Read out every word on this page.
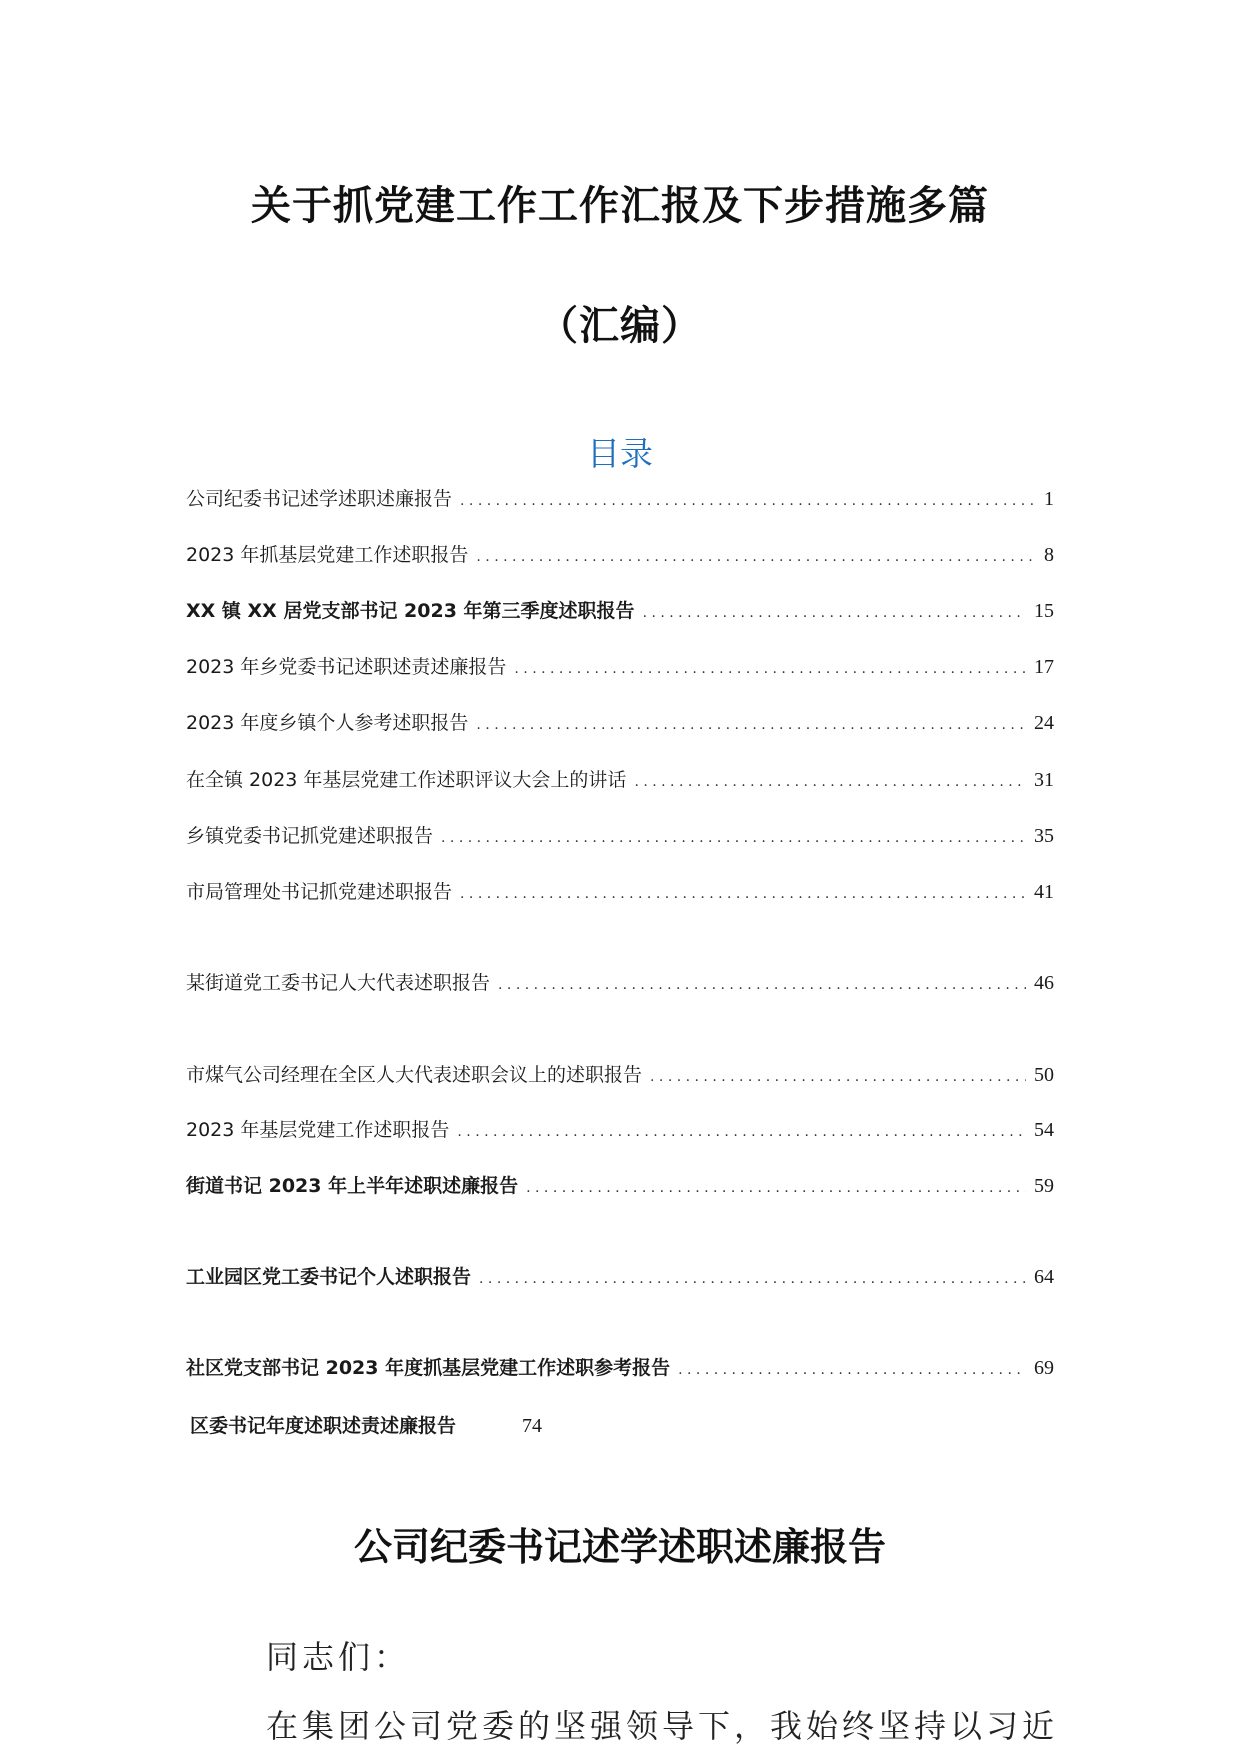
关于抓党建工作工作汇报及下步措施多篇
（汇编）
目录
公司纪委书记述学述职述廉报告 . . .	1
2023 年抓基层党建工作述职报告 . . .	8
XX 镇 XX 居党支部书记 2023 年第三季度述职报告 . . .	15
2023 年乡党委书记述职述责述廉报告 . . .	17
2023 年度乡镇个人参考述职报告 . . .	24
在全镇 2023 年基层党建工作述职评议大会上的讲话 . . .	31
乡镇党委书记抓党建述职报告 . . .	35
市局管理处书记抓党建述职报告 . . .	41
某街道党工委书记人大代表述职报告 . . .	46
市煤气公司经理在全区人大代表述职会议上的述职报告 . . .	50
2023 年基层党建工作述职报告 . . .	54
街道书记 2023 年上半年述职述廉报告 . . .	59
工业园区党工委书记个人述职报告 . . .	64
社区党支部书记 2023 年度抓基层党建工作述职参考报告 . . .	69
区委书记年度述职述责述廉报告	74
公司纪委书记述学述职述廉报告
同志们：
在集团公司党委的坚强领导下，我始终坚持以习近
